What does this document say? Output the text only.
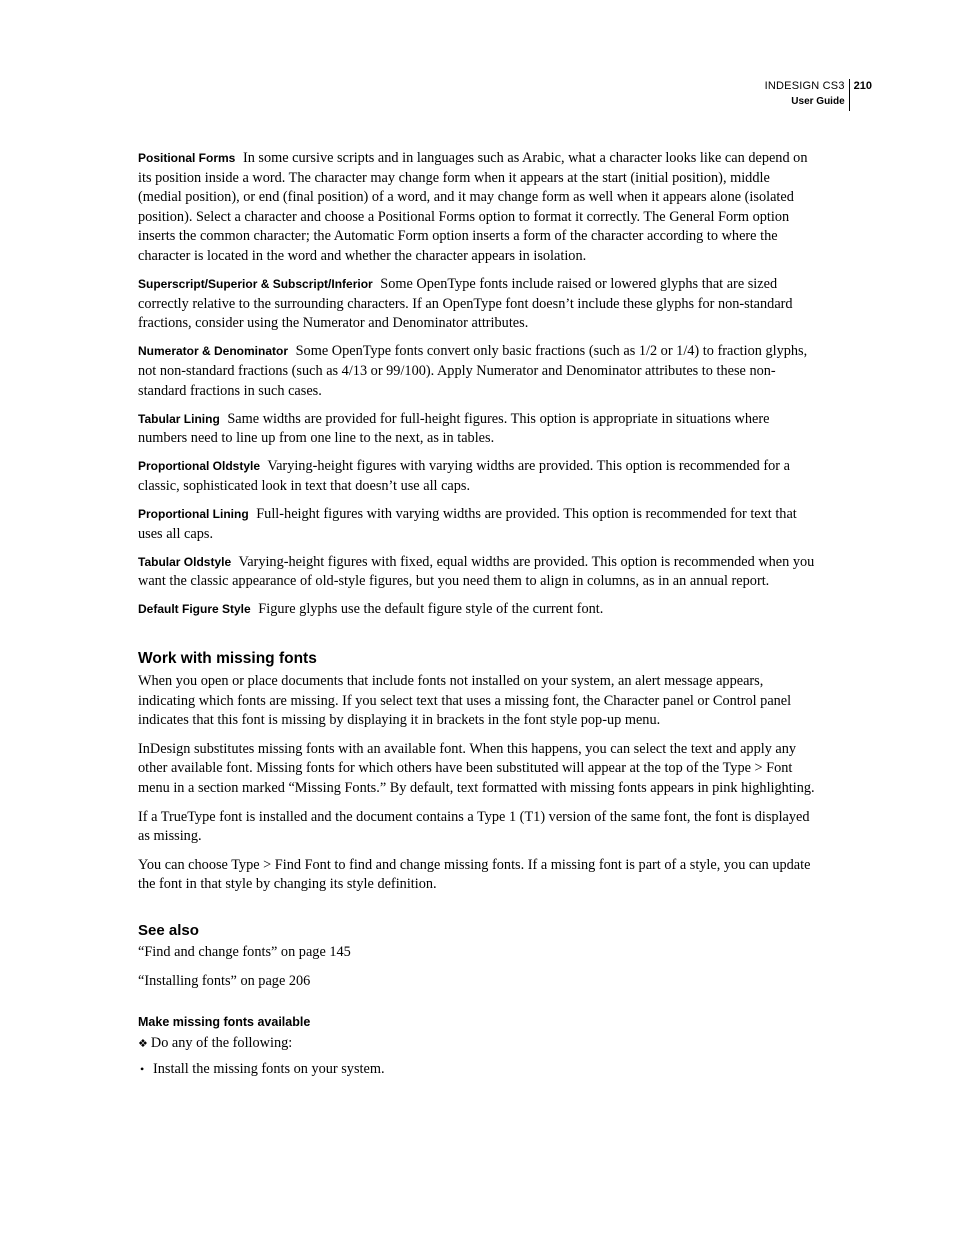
INDESIGN CS3
User Guide
210

Positional Forms In some cursive scripts and in languages such as Arabic, what a character looks like can depend on its position inside a word. The character may change form when it appears at the start (initial position), middle (medial position), or end (final position) of a word, and it may change form as well when it appears alone (isolated position). Select a character and choose a Positional Forms option to format it correctly. The General Form option inserts the common character; the Automatic Form option inserts a form of the character according to where the character is located in the word and whether the character appears in isolation.

Superscript/Superior & Subscript/Inferior Some OpenType fonts include raised or lowered glyphs that are sized correctly relative to the surrounding characters. If an OpenType font doesn’t include these glyphs for non-standard fractions, consider using the Numerator and Denominator attributes.

Numerator & Denominator Some OpenType fonts convert only basic fractions (such as 1/2 or 1/4) to fraction glyphs, not non-standard fractions (such as 4/13 or 99/100). Apply Numerator and Denominator attributes to these non-standard fractions in such cases.

Tabular Lining Same widths are provided for full-height figures. This option is appropriate in situations where numbers need to line up from one line to the next, as in tables.

Proportional Oldstyle Varying-height figures with varying widths are provided. This option is recommended for a classic, sophisticated look in text that doesn’t use all caps.

Proportional Lining Full-height figures with varying widths are provided. This option is recommended for text that uses all caps.

Tabular Oldstyle Varying-height figures with fixed, equal widths are provided. This option is recommended when you want the classic appearance of old-style figures, but you need them to align in columns, as in an annual report.

Default Figure Style Figure glyphs use the default figure style of the current font.

Work with missing fonts

When you open or place documents that include fonts not installed on your system, an alert message appears, indicating which fonts are missing. If you select text that uses a missing font, the Character panel or Control panel indicates that this font is missing by displaying it in brackets in the font style pop-up menu.

InDesign substitutes missing fonts with an available font. When this happens, you can select the text and apply any other available font. Missing fonts for which others have been substituted will appear at the top of the Type > Font menu in a section marked “Missing Fonts.” By default, text formatted with missing fonts appears in pink highlighting.

If a TrueType font is installed and the document contains a Type 1 (T1) version of the same font, the font is displayed as missing.

You can choose Type > Find Font to find and change missing fonts. If a missing font is part of a style, you can update the font in that style by changing its style definition.

See also

“Find and change fonts” on page 145

“Installing fonts” on page 206

Make missing fonts available

❖ Do any of the following:

• Install the missing fonts on your system.
